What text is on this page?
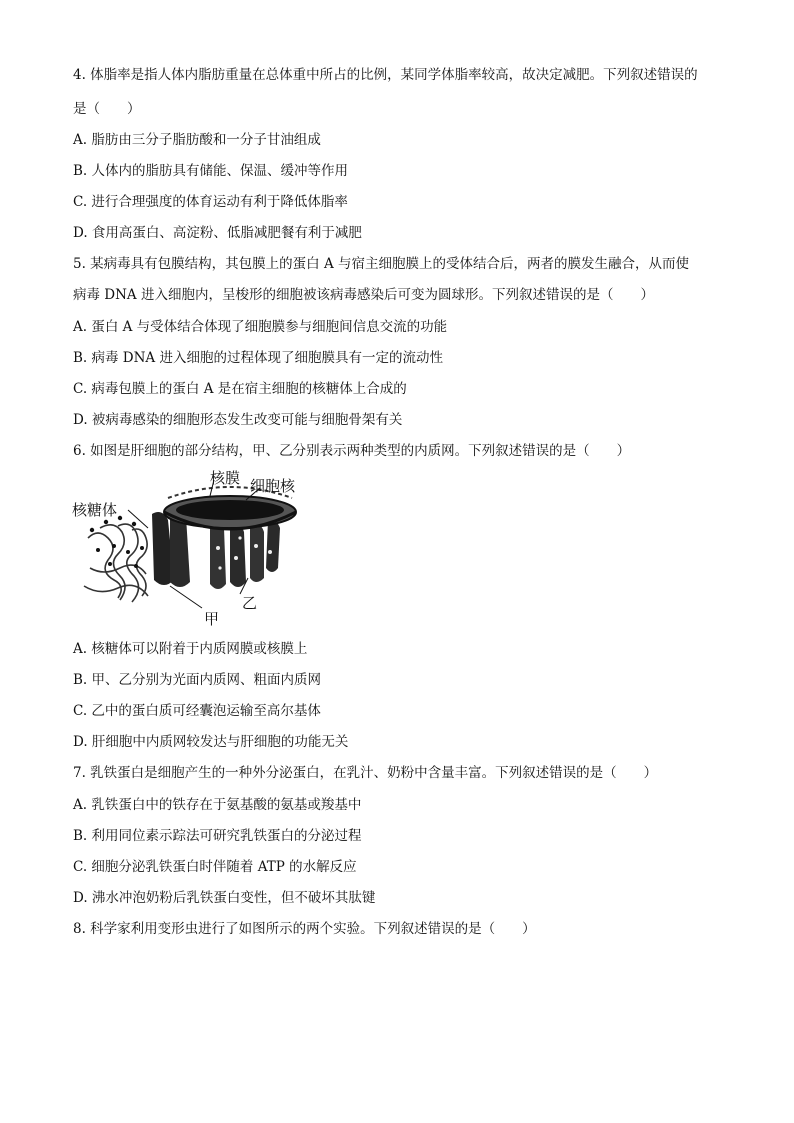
4. 体脂率是指人体内脂肪重量在总体重中所占的比例，某同学体脂率较高，故决定减肥。下列叙述错误的
是（　　）
A. 脂肪由三分子脂肪酸和一分子甘油组成
B. 人体内的脂肪具有储能、保温、缓冲等作用
C. 进行合理强度的体育运动有利于降低体脂率
D. 食用高蛋白、高淀粉、低脂减肥餐有利于减肥
5. 某病毒具有包膜结构，其包膜上的蛋白 A 与宿主细胞膜上的受体结合后，两者的膜发生融合，从而使
病毒 DNA 进入细胞内，呈梭形的细胞被该病毒感染后可变为圆球形。下列叙述错误的是（　　）
A. 蛋白 A 与受体结合体现了细胞膜参与细胞间信息交流的功能
B. 病毒 DNA 进入细胞的过程体现了细胞膜具有一定的流动性
C. 病毒包膜上的蛋白 A 是在宿主细胞的核糖体上合成的
D. 被病毒感染的细胞形态发生改变可能与细胞骨架有关
6. 如图是肝细胞的部分结构，甲、乙分别表示两种类型的内质网。下列叙述错误的是（　　）
核膜 细胞核
核糖体
甲
乙
A. 核糖体可以附着于内质网膜或核膜上
B. 甲、乙分别为光面内质网、粗面内质网
C. 乙中的蛋白质可经囊泡运输至高尔基体
D. 肝细胞中内质网较发达与肝细胞的功能无关
7. 乳铁蛋白是细胞产生的一种外分泌蛋白，在乳汁、奶粉中含量丰富。下列叙述错误的是（　　）
A. 乳铁蛋白中的铁存在于氨基酸的氨基或羧基中
B. 利用同位素示踪法可研究乳铁蛋白的分泌过程
C. 细胞分泌乳铁蛋白时伴随着 ATP 的水解反应
D. 沸水冲泡奶粉后乳铁蛋白变性，但不破坏其肽键
8. 科学家利用变形虫进行了如图所示的两个实验。下列叙述错误的是（　　）
